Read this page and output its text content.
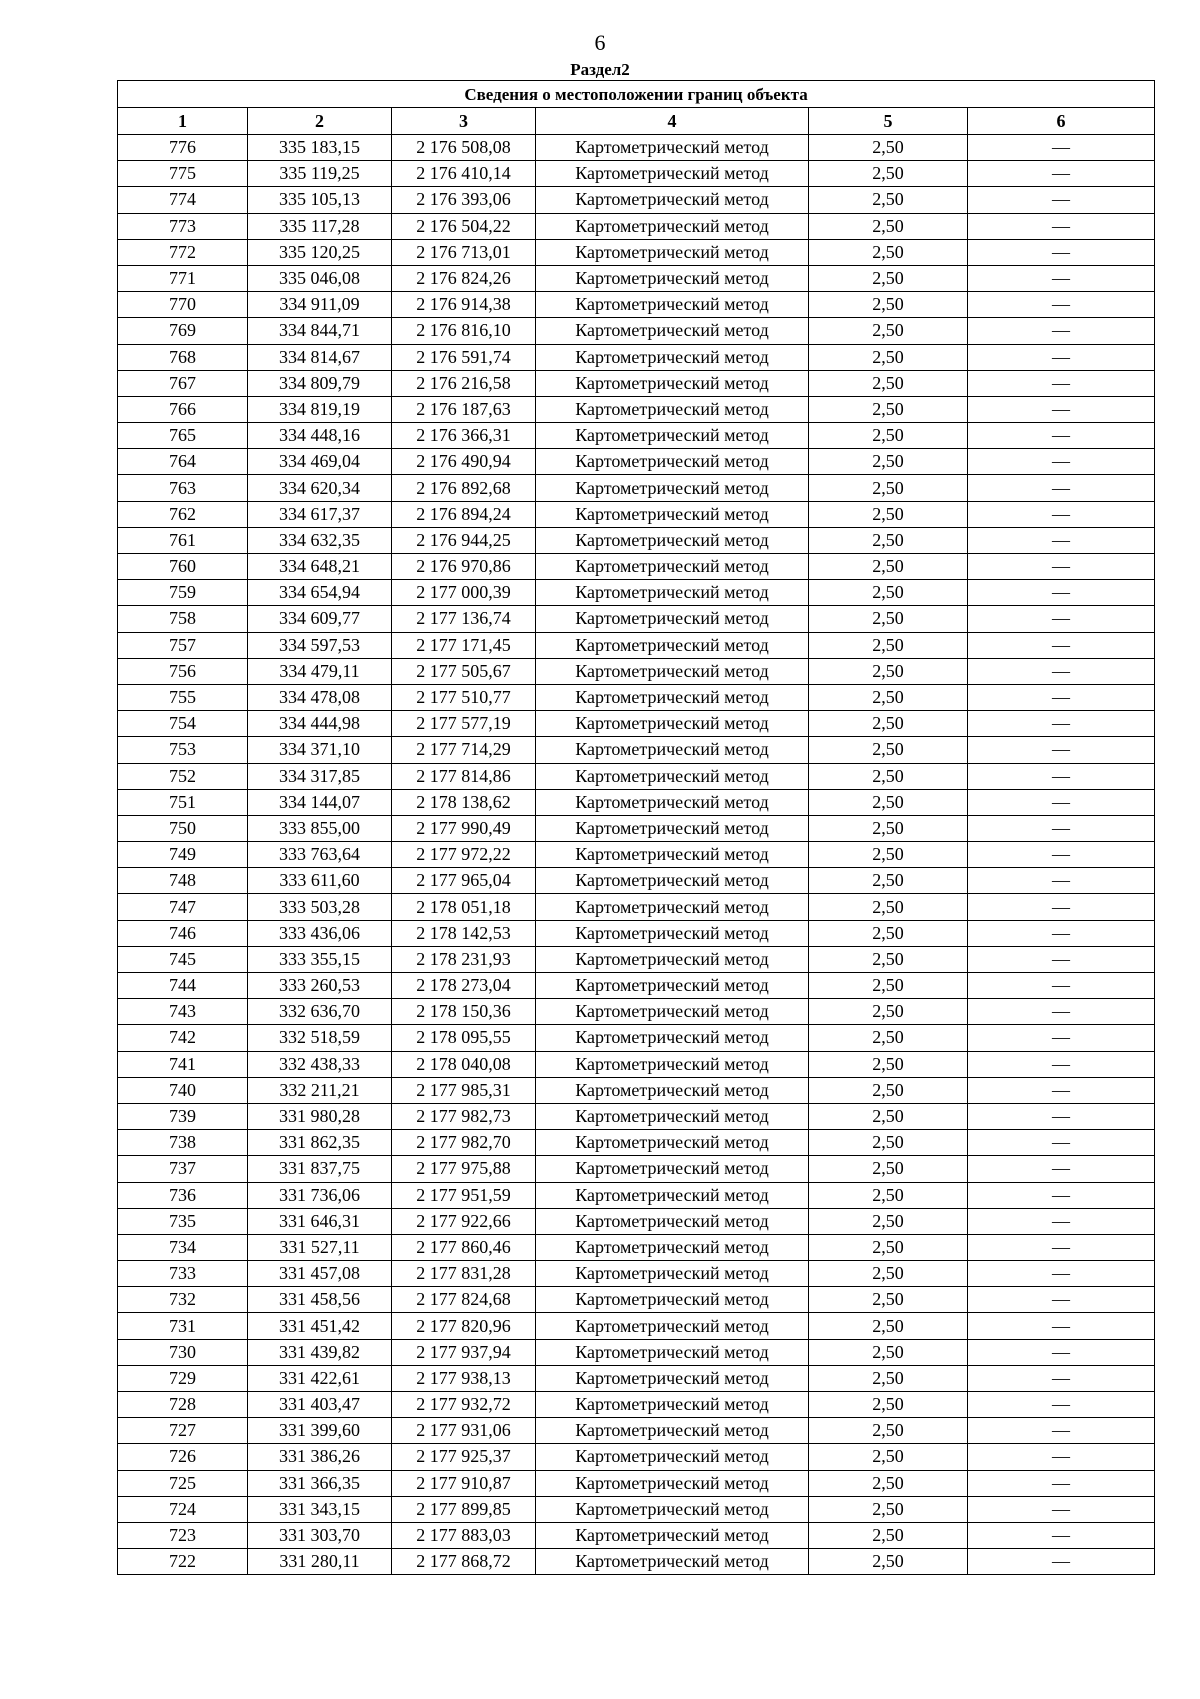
6
Раздел2
Сведения о местоположении границ объекта					
1	2	3	4	5	6
776	335 183,15	2 176 508,08	Картометрический метод	2,50	—
775	335 119,25	2 176 410,14	Картометрический метод	2,50	—
774	335 105,13	2 176 393,06	Картометрический метод	2,50	—
773	335 117,28	2 176 504,22	Картометрический метод	2,50	—
772	335 120,25	2 176 713,01	Картометрический метод	2,50	—
771	335 046,08	2 176 824,26	Картометрический метод	2,50	—
770	334 911,09	2 176 914,38	Картометрический метод	2,50	—
769	334 844,71	2 176 816,10	Картометрический метод	2,50	—
768	334 814,67	2 176 591,74	Картометрический метод	2,50	—
767	334 809,79	2 176 216,58	Картометрический метод	2,50	—
766	334 819,19	2 176 187,63	Картометрический метод	2,50	—
765	334 448,16	2 176 366,31	Картометрический метод	2,50	—
764	334 469,04	2 176 490,94	Картометрический метод	2,50	—
763	334 620,34	2 176 892,68	Картометрический метод	2,50	—
762	334 617,37	2 176 894,24	Картометрический метод	2,50	—
761	334 632,35	2 176 944,25	Картометрический метод	2,50	—
760	334 648,21	2 176 970,86	Картометрический метод	2,50	—
759	334 654,94	2 177 000,39	Картометрический метод	2,50	—
758	334 609,77	2 177 136,74	Картометрический метод	2,50	—
757	334 597,53	2 177 171,45	Картометрический метод	2,50	—
756	334 479,11	2 177 505,67	Картометрический метод	2,50	—
755	334 478,08	2 177 510,77	Картометрический метод	2,50	—
754	334 444,98	2 177 577,19	Картометрический метод	2,50	—
753	334 371,10	2 177 714,29	Картометрический метод	2,50	—
752	334 317,85	2 177 814,86	Картометрический метод	2,50	—
751	334 144,07	2 178 138,62	Картометрический метод	2,50	—
750	333 855,00	2 177 990,49	Картометрический метод	2,50	—
749	333 763,64	2 177 972,22	Картометрический метод	2,50	—
748	333 611,60	2 177 965,04	Картометрический метод	2,50	—
747	333 503,28	2 178 051,18	Картометрический метод	2,50	—
746	333 436,06	2 178 142,53	Картометрический метод	2,50	—
745	333 355,15	2 178 231,93	Картометрический метод	2,50	—
744	333 260,53	2 178 273,04	Картометрический метод	2,50	—
743	332 636,70	2 178 150,36	Картометрический метод	2,50	—
742	332 518,59	2 178 095,55	Картометрический метод	2,50	—
741	332 438,33	2 178 040,08	Картометрический метод	2,50	—
740	332 211,21	2 177 985,31	Картометрический метод	2,50	—
739	331 980,28	2 177 982,73	Картометрический метод	2,50	—
738	331 862,35	2 177 982,70	Картометрический метод	2,50	—
737	331 837,75	2 177 975,88	Картометрический метод	2,50	—
736	331 736,06	2 177 951,59	Картометрический метод	2,50	—
735	331 646,31	2 177 922,66	Картометрический метод	2,50	—
734	331 527,11	2 177 860,46	Картометрический метод	2,50	—
733	331 457,08	2 177 831,28	Картометрический метод	2,50	—
732	331 458,56	2 177 824,68	Картометрический метод	2,50	—
731	331 451,42	2 177 820,96	Картометрический метод	2,50	—
730	331 439,82	2 177 937,94	Картометрический метод	2,50	—
729	331 422,61	2 177 938,13	Картометрический метод	2,50	—
728	331 403,47	2 177 932,72	Картометрический метод	2,50	—
727	331 399,60	2 177 931,06	Картометрический метод	2,50	—
726	331 386,26	2 177 925,37	Картометрический метод	2,50	—
725	331 366,35	2 177 910,87	Картометрический метод	2,50	—
724	331 343,15	2 177 899,85	Картометрический метод	2,50	—
723	331 303,70	2 177 883,03	Картометрический метод	2,50	—
722	331 280,11	2 177 868,72	Картометрический метод	2,50	—
